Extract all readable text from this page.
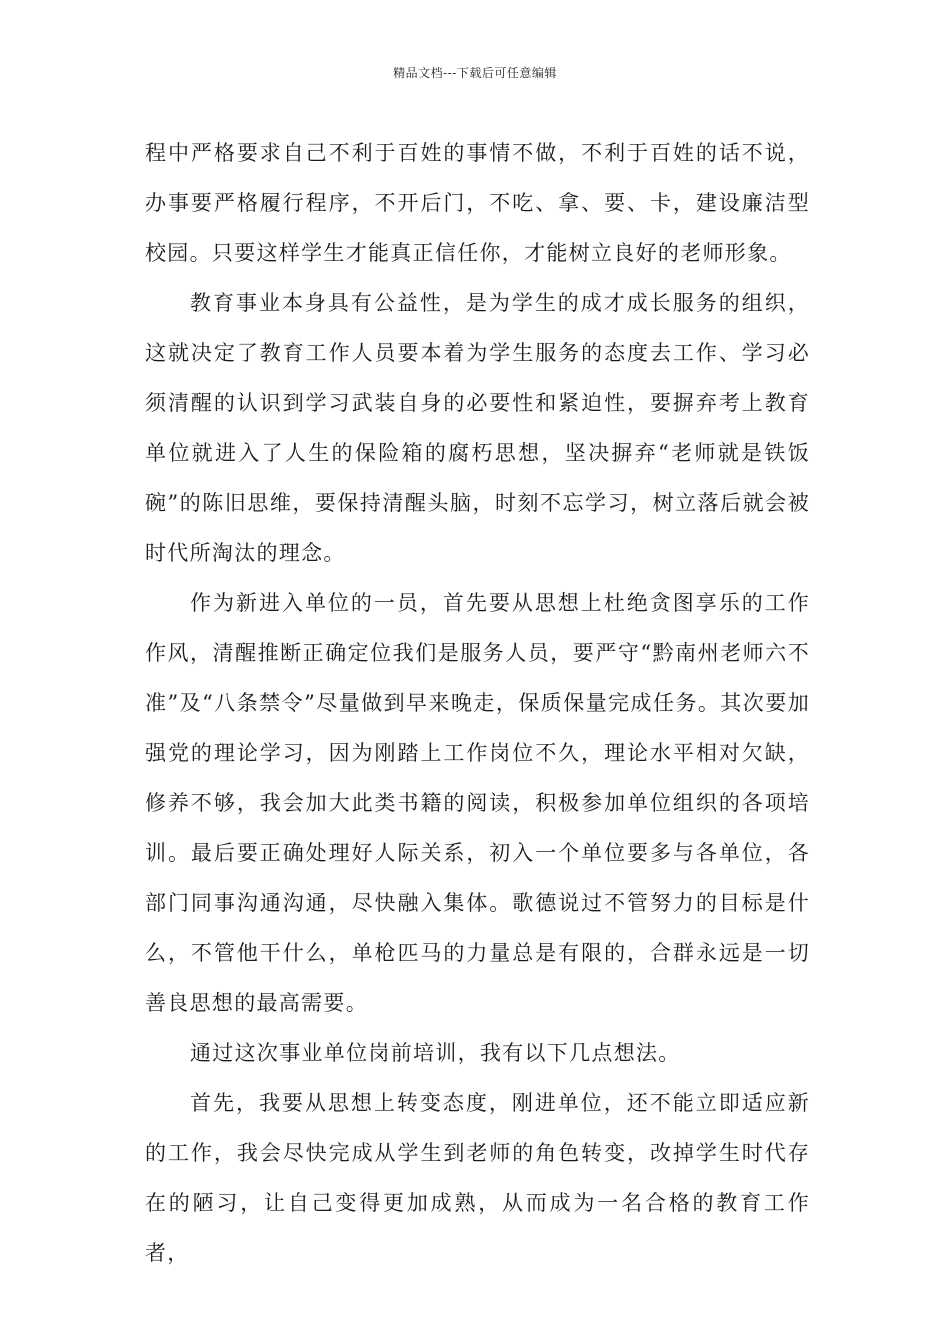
精品文档---下载后可任意编辑

程中严格要求自己不利于百姓的事情不做，不利于百姓的话不说，办事要严格履行程序，不开后门，不吃、拿、要、卡，建设廉洁型校园。只要这样学生才能真正信任你，才能树立良好的老师形象。

教育事业本身具有公益性，是为学生的成才成长服务的组织，这就决定了教育工作人员要本着为学生服务的态度去工作、学习必须清醒的认识到学习武装自身的必要性和紧迫性，要摒弃考上教育单位就进入了人生的保险箱的腐朽思想，坚决摒弃“老师就是铁饭碗”的陈旧思维，要保持清醒头脑，时刻不忘学习，树立落后就会被时代所淘汰的理念。

作为新进入单位的一员，首先要从思想上杜绝贪图享乐的工作作风，清醒推断正确定位我们是服务人员，要严守“黔南州老师六不准”及“八条禁令”尽量做到早来晚走，保质保量完成任务。其次要加强党的理论学习，因为刚踏上工作岗位不久，理论水平相对欠缺，修养不够，我会加大此类书籍的阅读，积极参加单位组织的各项培训。最后要正确处理好人际关系，初入一个单位要多与各单位，各部门同事沟通沟通，尽快融入集体。歌德说过不管努力的目标是什么，不管他干什么，单枪匹马的力量总是有限的，合群永远是一切善良思想的最高需要。

通过这次事业单位岗前培训，我有以下几点想法。

首先，我要从思想上转变态度，刚进单位，还不能立即适应新的工作，我会尽快完成从学生到老师的角色转变，改掉学生时代存在的陋习，让自己变得更加成熟，从而成为一名合格的教育工作者，
